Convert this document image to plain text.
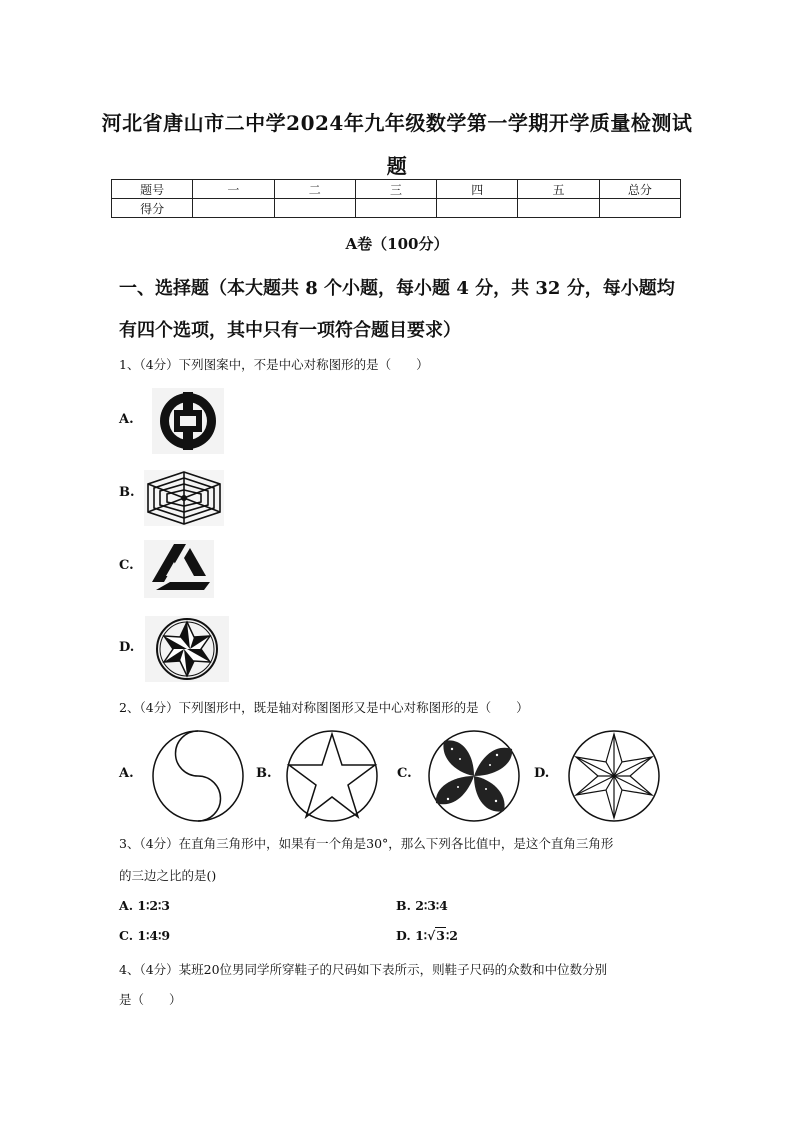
河北省唐山市二中学2024年九年级数学第一学期开学质量检测试
题
题号	一	二	三	四	五	总分
得分						
A卷（100分）
一、选择题（本大题共 8 个小题，每小题 4 分，共 32 分，每小题均
有四个选项，其中只有一项符合题目要求）
1、（4分）下列图案中，不是中心对称图形的是（　　）
A.
B.
C.
D.
2、（4分）下列图形中，既是轴对称图图形又是中心对称图形的是（　　）
A.	B.	C.	D.
3、（4分）在直角三角形中，如果有一个角是30°，那么下列各比值中，是这个直角三角形
的三边之比的是()
A. 1∶2∶3	B. 2∶3∶4
C. 1∶4∶9	D. 1∶√3∶2
4、（4分）某班20位男同学所穿鞋子的尺码如下表所示，则鞋子尺码的众数和中位数分别
是（　　）
